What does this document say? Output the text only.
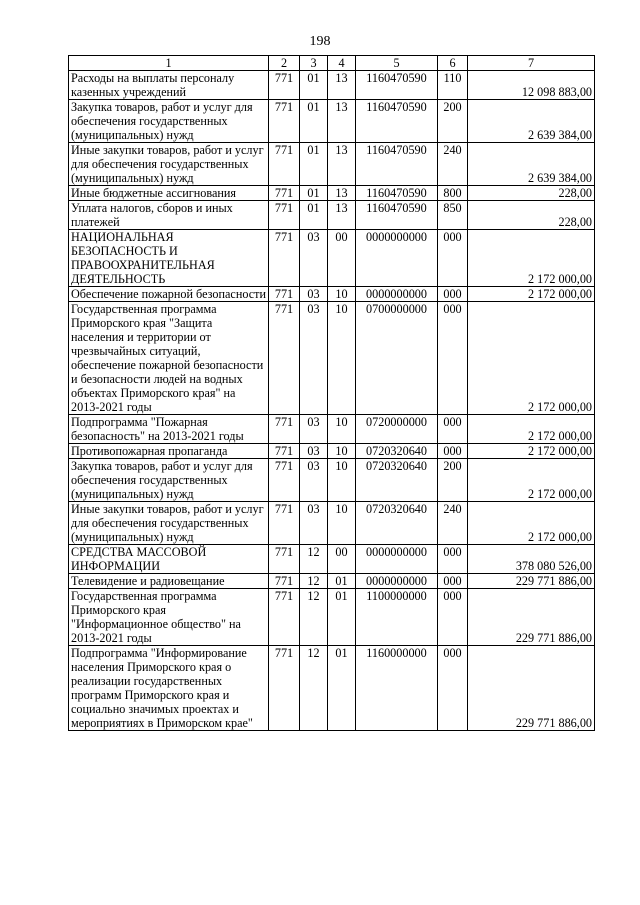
198
1	2	3	4	5	6	7
Расходы на выплаты персоналу казенных учреждений	771	01	13	1160470590	110	12 098 883,00
Закупка товаров, работ и услуг для обеспечения государственных (муниципальных) нужд	771	01	13	1160470590	200	2 639 384,00
Иные закупки товаров, работ и услуг для обеспечения государственных (муниципальных) нужд	771	01	13	1160470590	240	2 639 384,00
Иные бюджетные ассигнования	771	01	13	1160470590	800	228,00
Уплата налогов, сборов и иных платежей	771	01	13	1160470590	850	228,00
НАЦИОНАЛЬНАЯ БЕЗОПАСНОСТЬ И ПРАВООХРАНИТЕЛЬНАЯ ДЕЯТЕЛЬНОСТЬ	771	03	00	0000000000	000	2 172 000,00
Обеспечение пожарной безопасности	771	03	10	0000000000	000	2 172 000,00
Государственная программа Приморского края "Защита населения и территории от чрезвычайных ситуаций, обеспечение пожарной безопасности и безопасности людей на водных объектах Приморского края" на 2013-2021 годы	771	03	10	0700000000	000	2 172 000,00
Подпрограмма "Пожарная безопасность" на 2013-2021 годы	771	03	10	0720000000	000	2 172 000,00
Противопожарная пропаганда	771	03	10	0720320640	000	2 172 000,00
Закупка товаров, работ и услуг для обеспечения государственных (муниципальных) нужд	771	03	10	0720320640	200	2 172 000,00
Иные закупки товаров, работ и услуг для обеспечения государственных (муниципальных) нужд	771	03	10	0720320640	240	2 172 000,00
СРЕДСТВА МАССОВОЙ ИНФОРМАЦИИ	771	12	00	0000000000	000	378 080 526,00
Телевидение и радиовещание	771	12	01	0000000000	000	229 771 886,00
Государственная программа Приморского края "Информационное общество" на 2013-2021 годы	771	12	01	1100000000	000	229 771 886,00
Подпрограмма "Информирование населения Приморского края о реализации государственных программ Приморского края и социально значимых проектах и мероприятиях в Приморском крае"	771	12	01	1160000000	000	229 771 886,00
